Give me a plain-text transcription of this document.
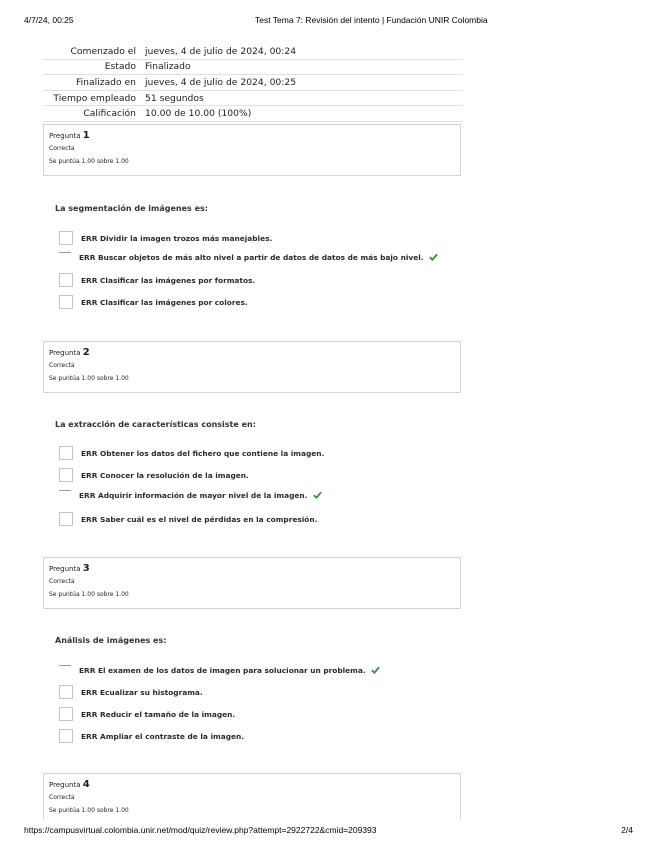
4/7/24, 00:25	Test Tema 7: Revisión del intento | Fundación UNIR Colombia
Comenzado el	jueves, 4 de julio de 2024, 00:24
Estado	Finalizado
Finalizado en	jueves, 4 de julio de 2024, 00:25
Tiempo empleado	51 segundos
Calificación	10.00 de 10.00 (100%)
Pregunta 1
Correcta
Se puntúa 1.00 sobre 1.00
La segmentación de imágenes es:
ERR Dividir la imagen trozos más manejables.
ERR Buscar objetos de más alto nivel a partir de datos de datos de más bajo nivel.
ERR Clasificar las imágenes por formatos.
ERR Clasificar las imágenes por colores.
Pregunta 2
Correcta
Se puntúa 1.00 sobre 1.00
La extracción de características consiste en:
ERR Obtener los datos del fichero que contiene la imagen.
ERR Conocer la resolución de la imagen.
ERR Adquirir información de mayor nivel de la imagen.
ERR Saber cuál es el nivel de pérdidas en la compresión.
Pregunta 3
Correcta
Se puntúa 1.00 sobre 1.00
Análisis de imágenes es:
ERR El examen de los datos de imagen para solucionar un problema.
ERR Ecualizar su histograma.
ERR Reducir el tamaño de la imagen.
ERR Ampliar el contraste de la imagen.
Pregunta 4
Correcta
Se puntúa 1.00 sobre 1.00
https://campusvirtual.colombia.unir.net/mod/quiz/review.php?attempt=2922722&cmid=209393	2/4
